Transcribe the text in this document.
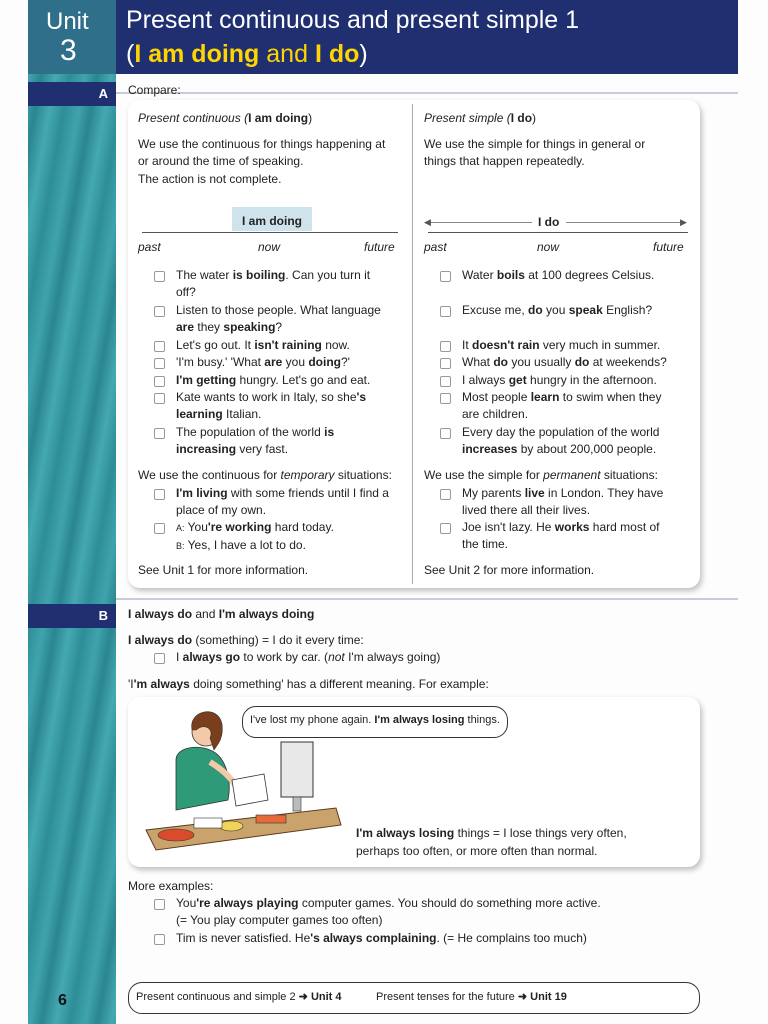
Unit
3
Present continuous and present simple 1
(I am doing and I do)
A	Compare:
Present continuous (I am doing)
We use the continuous for things happening at
or around the time of speaking.
The action is not complete.
I am doing
past	now	future
The water is boiling. Can you turn it
off?
Listen to those people. What language
are they speaking?
Let's go out. It isn't raining now.
'I'm busy.' 'What are you doing?'
I'm getting hungry. Let's go and eat.
Kate wants to work in Italy, so she's
learning Italian.
The population of the world is
increasing very fast.
We use the continuous for temporary situations:
I'm living with some friends until I find a
place of my own.
A: You're working hard today.
B: Yes, I have a lot to do.
See Unit 1 for more information.
Present simple (I do)
We use the simple for things in general or
things that happen repeatedly.
I do
◀	▶
past	now	future
Water boils at 100 degrees Celsius.
Excuse me, do you speak English?
It doesn't rain very much in summer.
What do you usually do at weekends?
I always get hungry in the afternoon.
Most people learn to swim when they
are children.
Every day the population of the world
increases by about 200,000 people.
We use the simple for permanent situations:
My parents live in London. They have
lived there all their lives.
Joe isn't lazy. He works hard most of
the time.
See Unit 2 for more information.
B	I always do and I'm always doing
I always do (something) = I do it every time:
I always go to work by car. (not I'm always going)
'I'm always doing something' has a different meaning. For example:
I've lost my phone again. I'm always losing things.
I'm always losing things = I lose things very often,
perhaps too often, or more often than normal.
More examples:
You're always playing computer games. You should do something more active.
(= You play computer games too often)
Tim is never satisfied. He's always complaining. (= He complains too much)
6	Present continuous and simple 2 ➜ Unit 4	Present tenses for the future ➜ Unit 19
